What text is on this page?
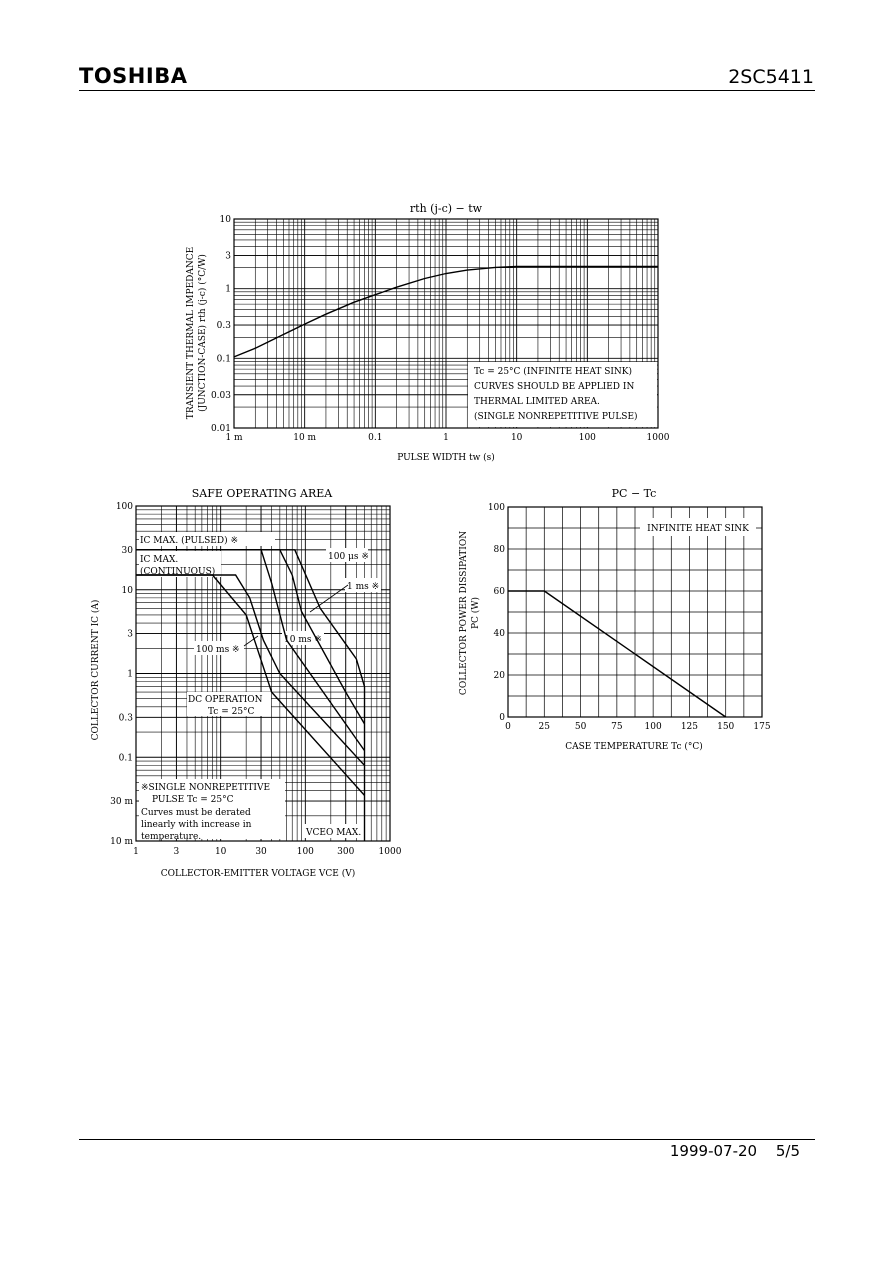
TOSHIBA	2SC5411
1 m	10 m	0.1	1	10	100	1000
0.01
0.03
0.1
0.3
1
3
10
rth (j-c) − tw
PULSE WIDTH tw (s)
TRANSIENT THERMAL IMPEDANCE (JUNCTION-CASE) rth (j-c) (°C/W)	Tc = 25°C (INFINITE HEAT SINK)
CURVES SHOULD BE APPLIED IN
THERMAL LIMITED AREA.
(SINGLE NONREPETITIVE PULSE)
1	3	10	30	100	300	1000
10 m
30 m
0.1
0.3
1
3
10
30
100
SAFE OPERATING AREA
COLLECTOR-EMITTER VOLTAGE VCE (V)
COLLECTOR CURRENT IC (A)
IC MAX. (PULSED) ※
IC MAX.
(CONTINUOUS)
100 μs ※
1 ms ※
10 ms ※
100 ms ※
DC OPERATION
Tc = 25°C
VCEO MAX.
※SINGLE NONREPETITIVE
PULSE Tc = 25°C
Curves must be derated
linearly with increase in
temperature.
0	25	50	75 100 125 150 175
0
20
40
60
80
100
PC − Tc
CASE TEMPERATURE Tc (°C)
COLLECTOR POWER DISSIPATION PC (W)
INFINITE HEAT SINK
1999-07-20 5/5
